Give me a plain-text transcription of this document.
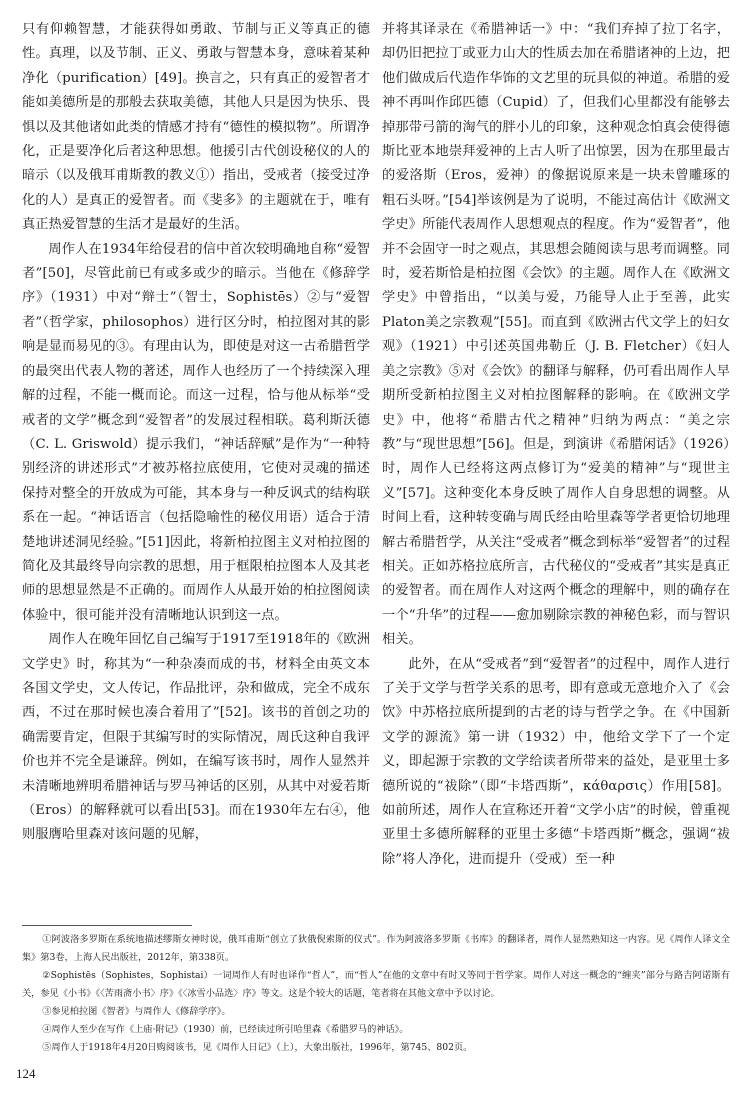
只有仰赖智慧，才能获得如勇敢、节制与正义等真正的德性。真理，以及节制、正义、勇敢与智慧本身，意味着某种净化（purification）[49]。换言之，只有真正的爱智者才能如美德所是的那般去获取美德，其他人只是因为快乐、畏惧以及其他诸如此类的情感才持有“德性的模拟物”。所谓净化，正是要净化后者这种思想。他援引古代创设秘仪的人的暗示（以及俄耳甫斯教的教义①）指出，受戒者（接受过净化的人）是真正的爱智者。而《斐多》的主题就在于，唯有真正热爱智慧的生活才是最好的生活。

周作人在1934年给侵君的信中首次较明确地自称“爱智者”[50]，尽管此前已有或多或少的暗示。当他在《修辞学序》（1931）中对“辩士”（智士，Sophistēs）②与“爱智者”（哲学家，philosophos）进行区分时，柏拉图对其的影响是显而易见的③。有理由认为，即使是对这一古希腊哲学的最突出代表人物的著述，周作人也经历了一个持续深入理解的过程，不能一概而论。而这一过程，恰与他从标举“受戒者的文学”概念到“爱智者”的发展过程相联。葛利斯沃德（C. L. Griswold）提示我们，“神话辞赋”是作为“一种特别经济的讲述形式”才被苏格拉底使用，它使对灵魂的描述保持对整全的开放成为可能，其本身与一种反讽式的结构联系在一起。“神话语言（包括隐喻性的秘仪用语）适合于清楚地讲述洞见经验。”[51]因此，将新柏拉图主义对柏拉图的简化及其最终导向宗教的思想，用于框限柏拉图本人及其老师的思想显然是不正确的。而周作人从最开始的柏拉图阅读体验中，很可能并没有清晰地认识到这一点。

周作人在晚年回忆自己编写于1917至1918年的《欧洲文学史》时，称其为“一种杂凑而成的书，材料全由英文本各国文学史，文人传记，作品批评，杂和做成，完全不成东西，不过在那时候也凑合着用了”[52]。该书的首创之功的确需要肯定，但限于其编写时的实际情况，周氏这种自我评价也并不完全是谦辞。例如，在编写该书时，周作人显然并未清晰地辨明希腊神话与罗马神话的区别，从其中对爱若斯（Eros）的解释就可以看出[53]。而在1930年左右④，他则服膺哈里森对该问题的见解，

并将其译录在《希腊神话一》中：“我们弃掉了拉丁名字，却仍旧把拉丁或亚力山大的性质去加在希腊诸神的上边，把他们做成后代造作华饰的文艺里的玩具似的神道。希腊的爱神不再叫作邱匹德（Cupid）了，但我们心里都没有能够去掉那带弓箭的淘气的胖小儿的印象，这种观念怕真会使得德斯比亚本地崇拜爱神的上古人听了出惊罢，因为在那里最古的爱洛斯（Eros，爱神）的像据说原来是一块未曾雕琢的粗石头呀。”[54]举该例是为了说明，不能过高估计《欧洲文学史》所能代表周作人思想观点的程度。作为“爱智者”，他并不会固守一时之观点，其思想会随阅读与思考而调整。同时，爱若斯恰是柏拉图《会饮》的主题。周作人在《欧洲文学史》中曾指出，“以美与爱，乃能导人止于至善，此实Platon美之宗教观”[55]。而直到《欧洲古代文学上的妇女观》（1921）中引述英国弗勒丘（J. B. Fletcher）《妇人美之宗教》⑤对《会饮》的翻译与解释，仍可看出周作人早期所受新柏拉图主义对柏拉图解释的影响。在《欧洲文学史》中，他将“希腊古代之精神”归纳为两点：“美之宗教”与“现世思想”[56]。但是，到演讲《希腊闲话》（1926）时，周作人已经将这两点修订为“爱美的精神”与“现世主义”[57]。这种变化本身反映了周作人自身思想的调整。从时间上看，这种转变确与周氏经由哈里森等学者更恰切地理解古希腊哲学，从关注“受戒者”概念到标举“爱智者”的过程相关。正如苏格拉底所言，古代秘仪的“受戒者”其实是真正的爱智者。而在周作人对这两个概念的理解中，则的确存在一个“升华”的过程——愈加剔除宗教的神秘色彩，而与智识相关。

此外，在从“受戒者”到“爱智者”的过程中，周作人进行了关于文学与哲学关系的思考，即有意或无意地介入了《会饮》中苏格拉底所提到的古老的诗与哲学之争。在《中国新文学的源流》第一讲（1932）中，他给文学下了一个定义，即起源于宗教的文学给读者所带来的益处，是亚里士多德所说的“祓除”（即“卡塔西斯”，κάθαρσις）作用[58]。如前所述，周作人在宣称还开着“文学小店”的时候，曾重视亚里士多德所解释的亚里士多德“卡塔西斯”概念，强调“祓除”将人净化，进而提升（受戒）至一种

①阿波洛多罗斯在系统地描述缪斯女神时说，俄耳甫斯“创立了狄俄倪索斯的仪式”。作为阿波洛多罗斯《书库》的翻译者，周作人显然熟知这一内容。见《周作人译文全集》第3卷，上海人民出版社，2012年，第338页。

②Sophistēs（Sophistes，Sophistai）一词周作人有时也译作“哲人”，而“哲人”在他的文章中有时又等同于哲学家。周作人对这一概念的“缠夹”部分与路吉阿诺斯有关，参见《小书》《〈苦雨斋小书〉序》《〈冰雪小品选〉序》等文。这是个较大的话题，笔者将在其他文章中予以讨论。

③参见柏拉图《智者》与周作人《修辞学序》。

④周作人至少在写作《上庙·附记》（1930）前，已经读过所引哈里森《希腊罗马的神话》。

⑤周作人于1918年4月20日购阅该书，见《周作人日记》（上），大象出版社，1996年，第745、802页。

124
